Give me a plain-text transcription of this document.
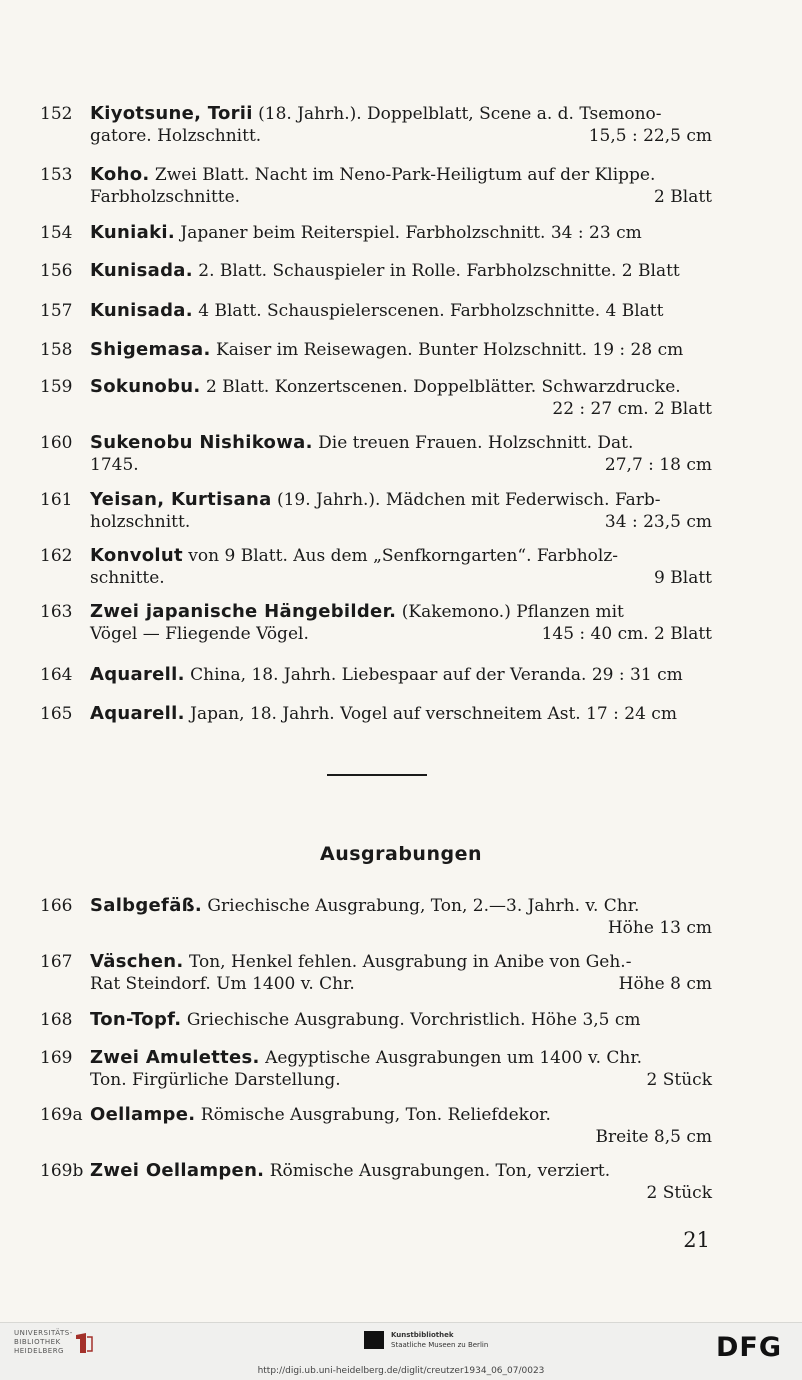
152 Kiyotsune, Torii (18. Jahrh.). Doppelblatt, Scene a. d. Tsemono-
gatore. Holzschnitt.	15,5 : 22,5 cm
153 Koho. Zwei Blatt. Nacht im Neno-Park-Heiligtum auf der Klippe.
Farbholzschnitte.	2 Blatt
154 Kuniaki. Japaner beim Reiterspiel. Farbholzschnitt. 34 : 23 cm
156 Kunisada. 2. Blatt. Schauspieler in Rolle. Farbholzschnitte. 2 Blatt
157 Kunisada. 4 Blatt. Schauspielerscenen. Farbholzschnitte. 4 Blatt
158 Shigemasa. Kaiser im Reisewagen. Bunter Holzschnitt. 19 : 28 cm
159 Sokunobu. 2 Blatt. Konzertscenen. Doppelblätter. Schwarzdrucke.
22 : 27 cm. 2 Blatt
160 Sukenobu Nishikowa. Die treuen Frauen. Holzschnitt. Dat.
1745.	27,7 : 18 cm
161 Yeisan, Kurtisana (19. Jahrh.). Mädchen mit Federwisch. Farb-
holzschnitt.	34 : 23,5 cm
162 Konvolut von 9 Blatt. Aus dem „Senfkorngarten“. Farbholz-
schnitte.	9 Blatt
163 Zwei japanische Hängebilder. (Kakemono.) Pflanzen mit
Vögel — Fliegende Vögel.	145 : 40 cm. 2 Blatt
164 Aquarell. China, 18. Jahrh. Liebespaar auf der Veranda. 29 : 31 cm
165 Aquarell. Japan, 18. Jahrh. Vogel auf verschneitem Ast. 17 : 24 cm
Ausgrabungen
166 Salbgefäß. Griechische Ausgrabung, Ton, 2.—3. Jahrh. v. Chr.
Höhe 13 cm
167 Väschen. Ton, Henkel fehlen. Ausgrabung in Anibe von Geh.-
Rat Steindorf. Um 1400 v. Chr.	Höhe 8 cm
168 Ton-Topf. Griechische Ausgrabung. Vorchristlich. Höhe 3,5 cm
169 Zwei Amulettes. Aegyptische Ausgrabungen um 1400 v. Chr.
Ton. Firgürliche Darstellung.	2 Stück
169a Oellampe. Römische Ausgrabung, Ton. Reliefdekor.
Breite 8,5 cm
169b Zwei Oellampen. Römische Ausgrabungen. Ton, verziert.
2 Stück
21
UNIVERSITÄTS-
BIBLIOTHEK
HEIDELBERG
Kunstbibliothek
Staatliche Museen zu Berlin	DFG
http://digi.ub.uni-heidelberg.de/diglit/creutzer1934_06_07/0023
